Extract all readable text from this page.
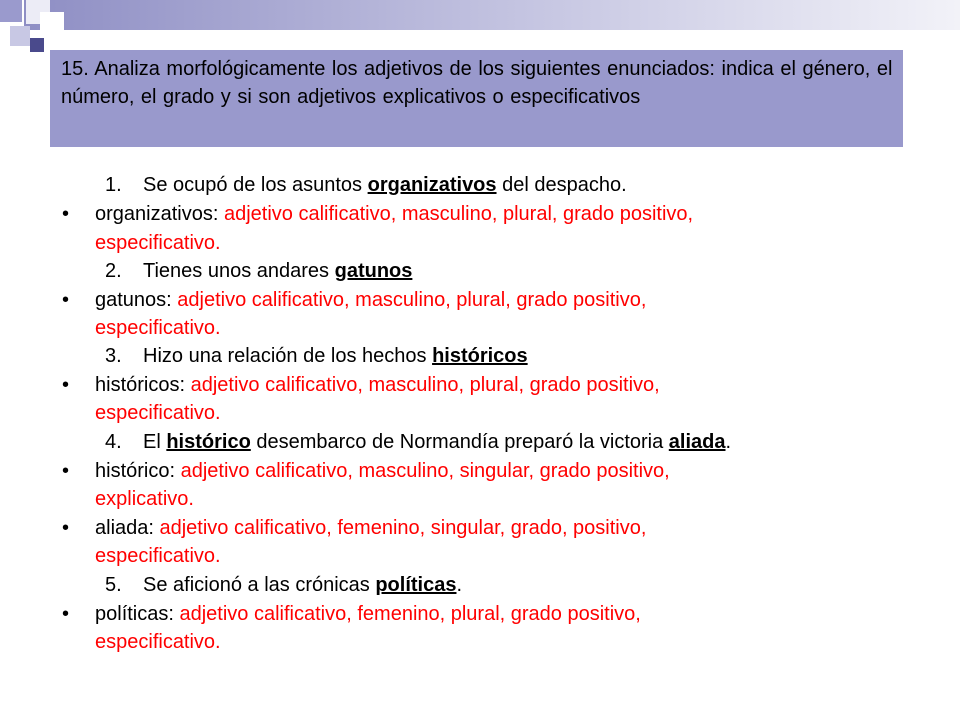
15. Analiza morfológicamente los adjetivos de los siguientes enunciados: indica el género, el número, el grado y si son adjetivos explicativos o especificativos

1. Se ocupó de los asuntos organizativos del despacho.
• organizativos: adjetivo calificativo, masculino, plural, grado positivo,
especificativo.
2. Tienes unos andares gatunos
• gatunos: adjetivo calificativo, masculino, plural, grado positivo,
especificativo.
3. Hizo una relación de los hechos históricos
• históricos: adjetivo calificativo, masculino, plural, grado positivo,
especificativo.
4. El histórico desembarco de Normandía preparó la victoria aliada.
• histórico: adjetivo calificativo, masculino, singular, grado positivo,
explicativo.
• aliada: adjetivo calificativo, femenino, singular, grado, positivo,
especificativo.
5. Se aficionó a las crónicas políticas.
• políticas: adjetivo calificativo, femenino, plural, grado positivo,
especificativo.
